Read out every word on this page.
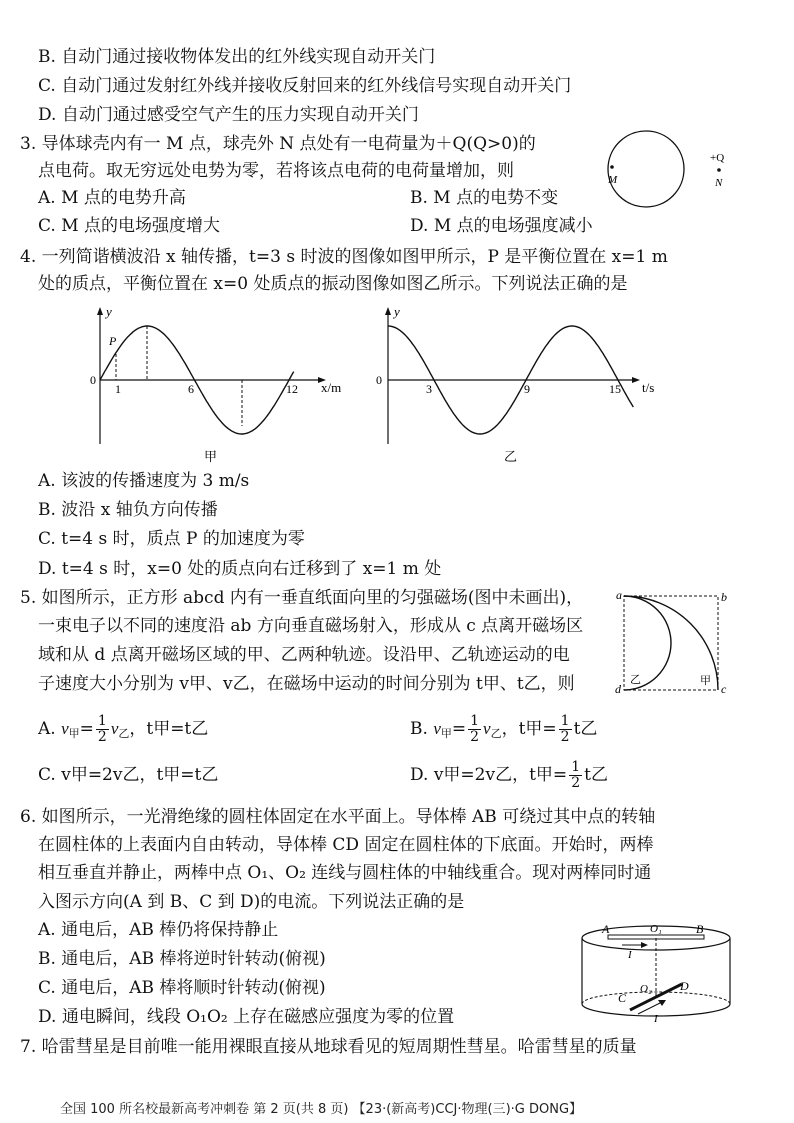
B. 自动门通过接收物体发出的红外线实现自动开关门
C. 自动门通过发射红外线并接收反射回来的红外线信号实现自动开关门
D. 自动门通过感受空气产生的压力实现自动开关门
3. 导体球壳内有一 M 点，球壳外 N 点处有一电荷量为＋Q(Q>0)的
点电荷。取无穷远处电势为零，若将该点电荷的电荷量增加，则
A. M 点的电势升高	B. M 点的电势不变
C. M 点的电场强度增大	D. M 点的电场强度减小
M
+Q
N
4. 一列简谐横波沿 x 轴传播，t=3 s 时波的图像如图甲所示，P 是平衡位置在 x=1 m
处的质点，平衡位置在 x=0 处质点的振动图像如图乙所示。下列说法正确的是
y
x/m
0
1	6	12
P
甲
y
t/s
0
3	9	15
乙
A. 该波的传播速度为 3 m/s
B. 波沿 x 轴负方向传播
C. t=4 s 时，质点 P 的加速度为零
D. t=4 s 时，x=0 处的质点向右迁移到了 x=1 m 处
5. 如图所示，正方形 abcd 内有一垂直纸面向里的匀强磁场(图中未画出)，
一束电子以不同的速度沿 ab 方向垂直磁场射入，形成从 c 点离开磁场区
域和从 d 点离开磁场区域的甲、乙两种轨迹。设沿甲、乙轨迹运动的电
子速度大小分别为 v甲、v乙，在磁场中运动的时间分别为 t甲、t乙，则
a	b
c
d
甲
乙
A. $v_甲= \frac{1}{2} v_乙$，t甲=t乙	B. $v_甲= \frac{1}{2} v_乙$，t甲= $\frac{1}{2}$ t乙
C. v甲=2v乙，t甲=t乙	D. v甲=2v乙，t甲= $\frac{1}{2}$ t乙
6. 如图所示，一光滑绝缘的圆柱体固定在水平面上。导体棒 AB 可绕过其中点的转轴
在圆柱体的上表面内自由转动，导体棒 CD 固定在圆柱体的下底面。开始时，两棒
相互垂直并静止，两棒中点 O₁、O₂ 连线与圆柱体的中轴线重合。现对两棒同时通
入图示方向(A 到 B、C 到 D)的电流。下列说法正确的是
A. 通电后，AB 棒仍将保持静止
B. 通电后，AB 棒将逆时针转动(俯视)
C. 通电后，AB 棒将顺时针转动(俯视)
D. 通电瞬间，线段 O₁O₂ 上存在磁感应强度为零的位置
A	B
O₁
O₂
C
D
I
I
7. 哈雷彗星是目前唯一能用裸眼直接从地球看见的短周期性彗星。哈雷彗星的质量
全国 100 所名校最新高考冲刺卷 第 2 页(共 8 页) 【23·(新高考)CCJ·物理(三)·G DONG】
